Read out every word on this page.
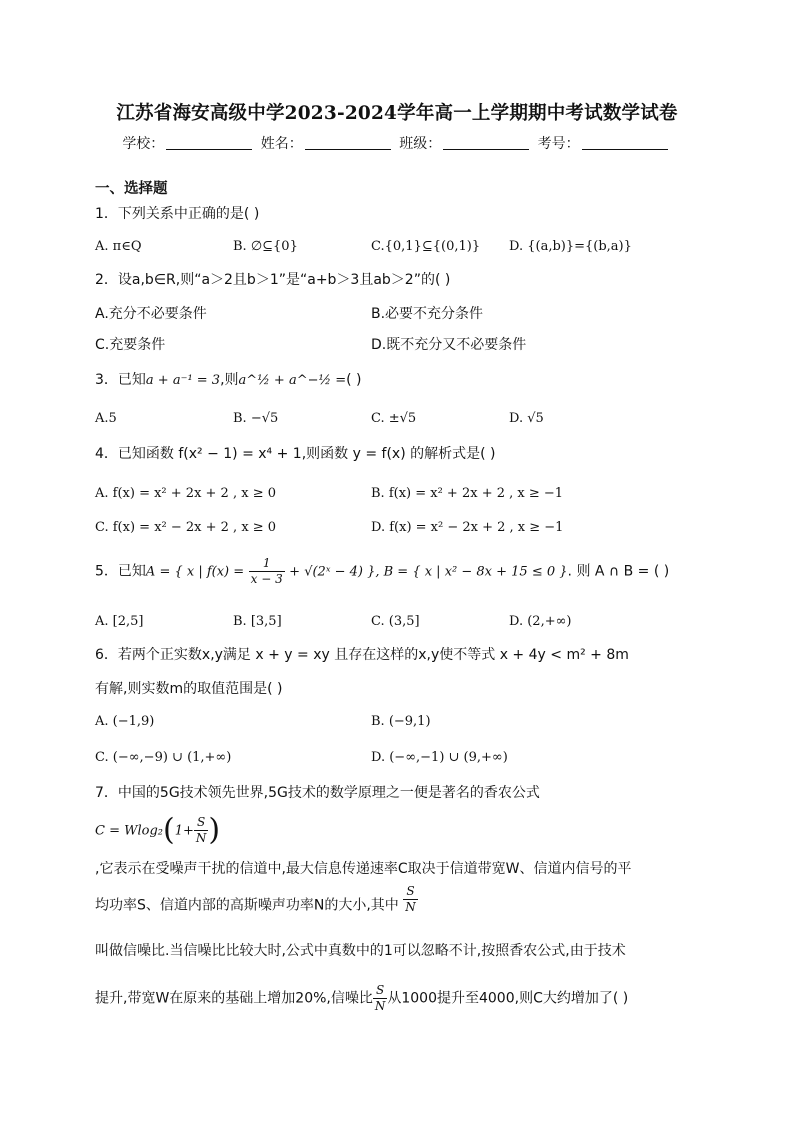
江苏省海安高级中学2023-2024学年高一上学期期中考试数学试卷
学校：	姓名：	班级：	考号：
一、选择题
1．下列关系中正确的是( )
A. π∈Q	B. ∅⊆{0}	C.{0,1}⊆{(0,1)} D. {(a,b)}={(b,a)}
2．设a,b∈R,则“a＞2且b＞1”是“a+b＞3且ab＞2”的( )
A.充分不必要条件	B.必要不充分条件
C.充要条件	D.既不充分又不必要条件
3．已知a + a⁻¹ = 3,则a^½ + a^−½ =( )
A.5	B. −√5	C. ±√5	D. √5
4．已知函数 f(x² − 1) = x⁴ + 1,则函数 y = f(x) 的解析式是( )
A. f(x) = x² + 2x + 2 , x ≥ 0	B. f(x) = x² + 2x + 2 , x ≥ −1
C. f(x) = x² − 2x + 2 , x ≥ 0	D. f(x) = x² − 2x + 2 , x ≥ −1
5．已知A = { x | $f(x) = \frac{1}{x - 3}$ + √(2ˣ − 4) }, B = { x | x² − 8x + 15 ≤ 0 }. 则 A ∩ B = ( )
A. [2,5]	B. [3,5]	C. (3,5]	D. (2,+∞)
6．若两个正实数x,y满足 x + y = xy 且存在这样的x,y使不等式 x + 4y < m² + 8m
有解,则实数m的取值范围是( )
A. (−1,9)	B. (−9,1)
C. (−∞,−9) ∪ (1,+∞)	D. (−∞,−1) ∪ (9,+∞)
7．中国的5G技术领先世界,5G技术的数学原理之一便是著名的香农公式
$C = Wlog_2(1+ \frac{S}{N}$ )
,它表示在受噪声干扰的信道中,最大信息传递速率C取决于信道带宽W、信道内信号的平
均功率S、信道内部的高斯噪声功率N的大小,其中 $\frac{S}{N}$
叫做信噪比.当信噪比比较大时,公式中真数中的1可以忽略不计,按照香农公式,由于技术
提升,带宽W在原来的基础上增加20%,信噪比 $\frac{S}{N}$ 从1000提升至4000,则C大约增加了( )
